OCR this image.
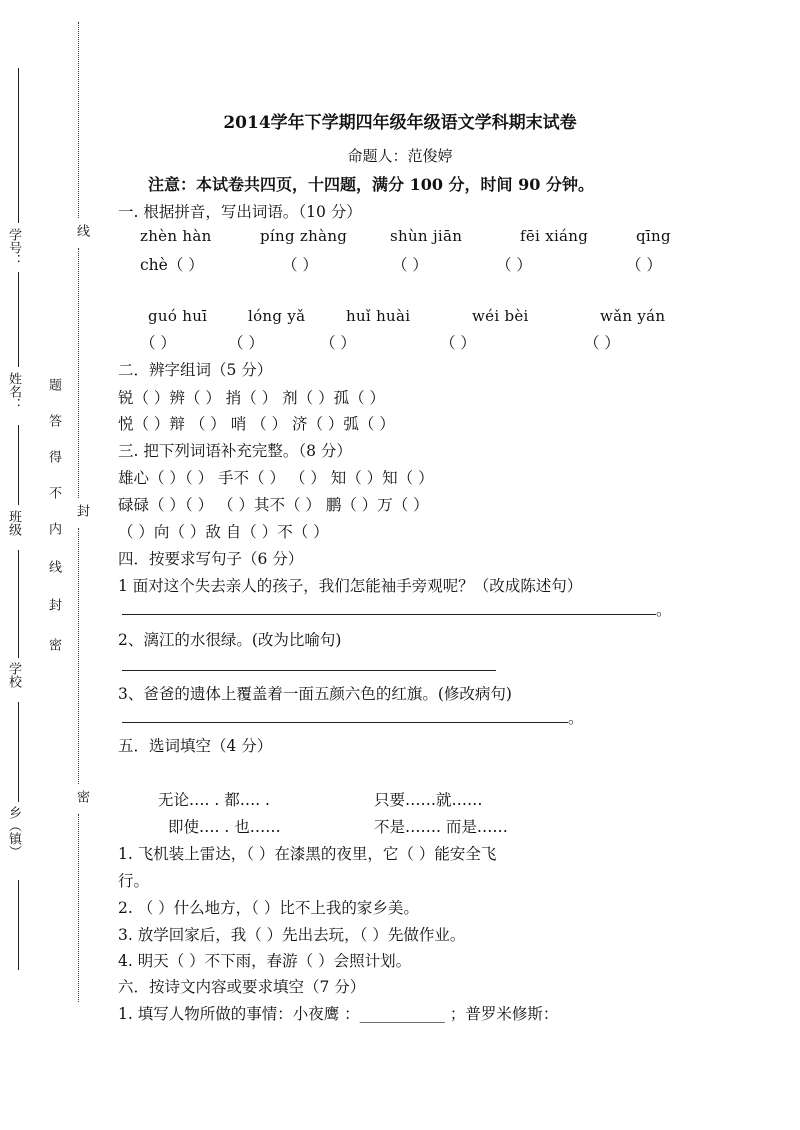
学号：
姓名：
班级
学校
乡（镇）
题
答
得
不
内
线
封
密
线
封
密
2014学年下学期四年级年级语文学科期末试卷
命题人：范俊婷
注意：本试卷共四页，十四题，满分 100 分，时间 90 分钟。
一. 根据拼音，写出词语。（10 分）
zhèn hàn	píng zhàng	shùn jiān	fēi xiáng	qīng
chè（ ）	（ ）	（ ）	（ ）	（ ）
guó huī	lóng yǎ	huǐ huài	wéi bèi	wǎn yán
（ ）	（ ）	（ ）	（ ）	（ ）
二．辨字组词（5 分）
锐（ ）辨（ ） 捎（ ） 剂（ ）孤（ ）
悦（ ）辩 （ ） 哨 （ ） 济（ ）弧（ ）
三. 把下列词语补充完整。（8 分）
雄心（ ）（ ） 手不（ ） （ ） 知（ ）知（ ）
碌碌（ ）（ ） （ ）其不（ ） 鹏（ ）万（ ）
（ ）向（ ）敌 自（ ）不（ ）
四．按要求写句子（6 分）
1 面对这个失去亲人的孩子，我们怎能袖手旁观呢？（改成陈述句）
。
2、漓江的水很绿。(改为比喻句)
3、爸爸的遗体上覆盖着一面五颜六色的红旗。(修改病句)
。
五．选词填空（4 分）
无论…. . 都…. .	只要……就……
即使…. . 也……	不是……. 而是……
1. 飞机装上雷达，（ ）在漆黑的夜里，它（ ）能安全飞
行。
2. （ ）什么地方，（ ）比不上我的家乡美。
3. 放学回家后，我（ ）先出去玩，（ ）先做作业。
4. 明天（ ）不下雨，春游（ ）会照计划。
六．按诗文内容或要求填空（7 分）
1. 填写人物所做的事情：小夜鹰 ：___________ ；普罗米修斯：
